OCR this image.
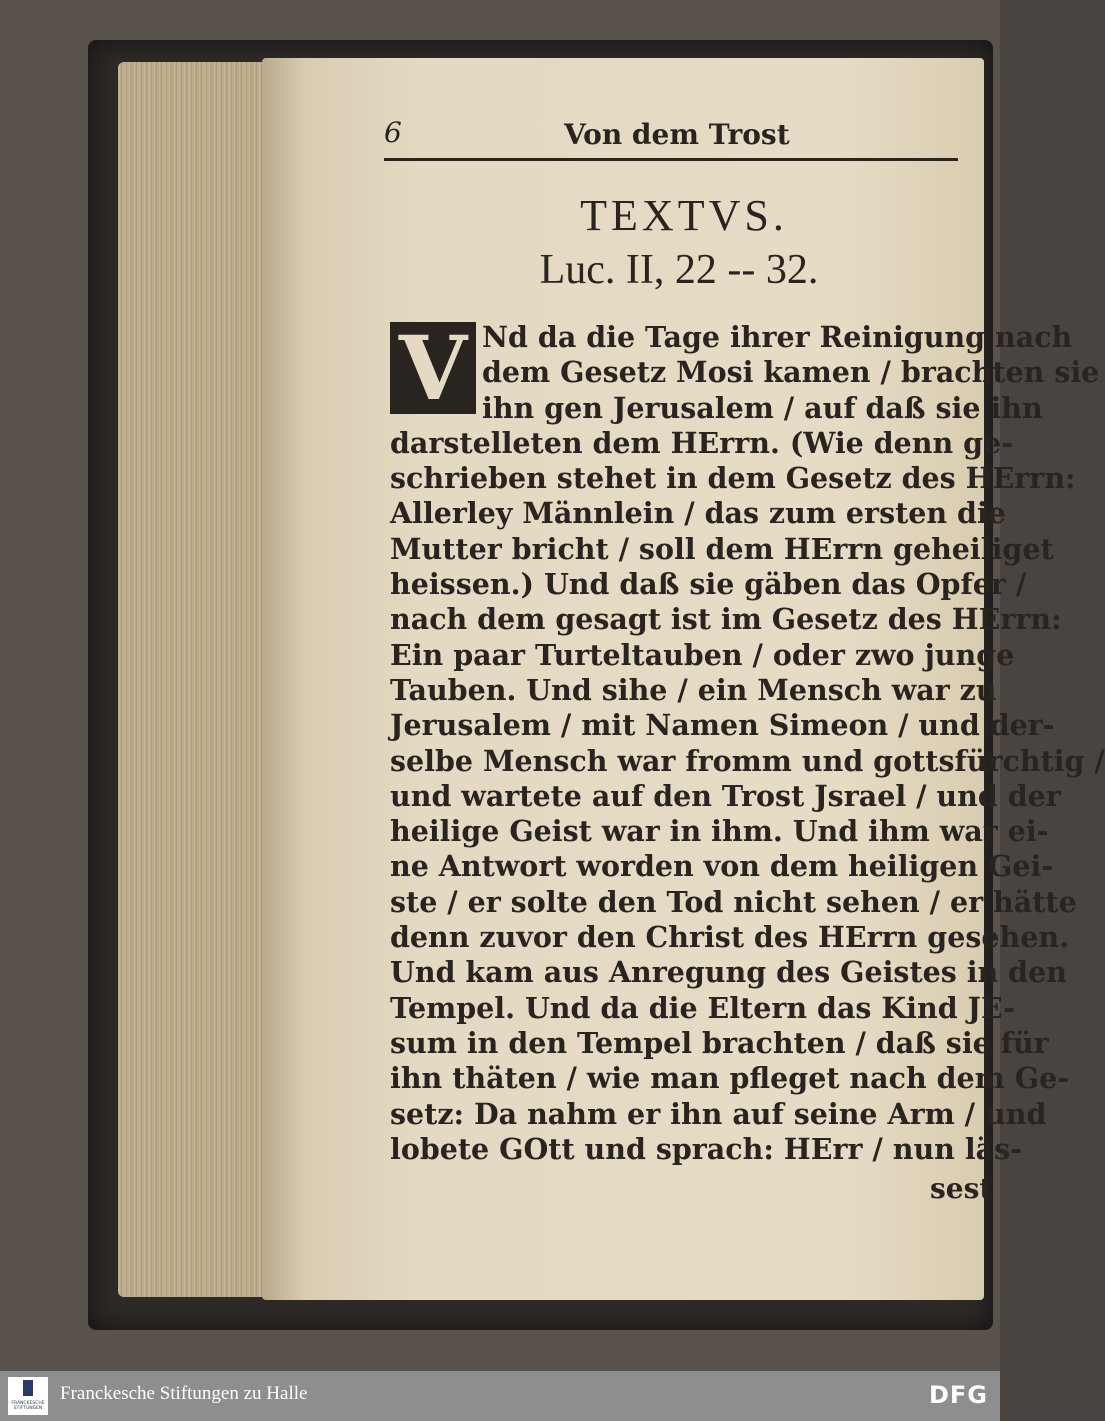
6	Von dem Trost
TEXTVS.
Luc. II, 22 -- 32.
V Nd da die Tage ihrer Reinigung nach
dem Gesetz Mosi kamen / brachten sie
ihn gen Jerusalem / auf daß sie ihn
darstelleten dem HErrn. (Wie denn ge-
schrieben stehet in dem Gesetz des HErrn:
Allerley Männlein / das zum ersten die
Mutter bricht / soll dem HErrn geheiliget
heissen.) Und daß sie gäben das Opfer /
nach dem gesagt ist im Gesetz des HErrn:
Ein paar Turteltauben / oder zwo junge
Tauben. Und sihe / ein Mensch war zu
Jerusalem / mit Namen Simeon / und der-
selbe Mensch war fromm und gottsfürchtig /
und wartete auf den Trost Jsrael / und der
heilige Geist war in ihm. Und ihm war ei-
ne Antwort worden von dem heiligen Gei-
ste / er solte den Tod nicht sehen / er hätte
denn zuvor den Christ des HErrn gesehen.
Und kam aus Anregung des Geistes in den
Tempel. Und da die Eltern das Kind JE-
sum in den Tempel brachten / daß sie für
ihn thäten / wie man pfleget nach dem Ge-
setz: Da nahm er ihn auf seine Arm / und
lobete GOtt und sprach: HErr / nun läs-

sest
FRANCKESCHE STIFTUNGEN
Franckesche Stiftungen zu Halle	DFG
